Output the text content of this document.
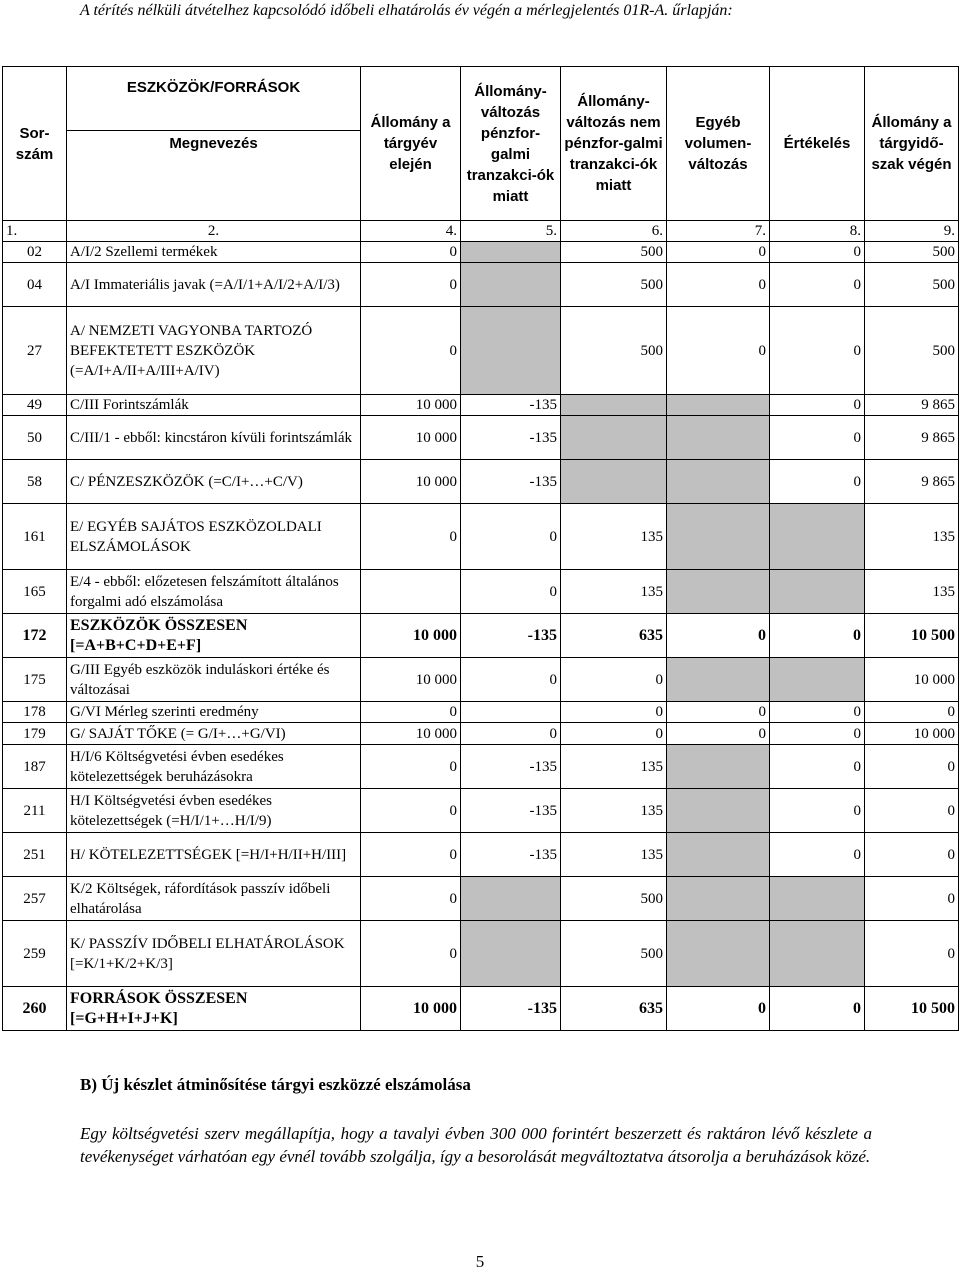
A térítés nélküli átvételhez kapcsolódó időbeli elhatárolás év végén a mérlegjelentés 01R-A. űrlapján:
Sor-szám	ESZKÖZÖK/FORRÁSOK	Állomány a tárgyév elején	Állomány-változás pénzfor-galmi tranzakci-ók miatt	Állomány-változás nem pénzfor-galmi tranzakci-ók miatt	Egyéb volumen-változás	Értékelés	Állomány a tárgyidő-szak végén
	Megnevezés						
1.	2.	4.	5.	6.	7.	8.	9.
02	A/I/2 Szellemi termékek	0		500	0	0	500
04	A/I Immateriális javak (=A/I/1+A/I/2+A/I/3)	0		500	0	0	500
27	A/ NEMZETI VAGYONBA TARTOZÓ BEFEKTETETT ESZKÖZÖK (=A/I+A/II+A/III+A/IV)	0		500	0	0	500
49	C/III Forintszámlák	10 000	-135			0	9 865
50	C/III/1 - ebből: kincstáron kívüli forintszámlák	10 000	-135			0	9 865
58	C/ PÉNZESZKÖZÖK (=C/I+…+C/V)	10 000	-135			0	9 865
161	E/ EGYÉB SAJÁTOS ESZKÖZOLDALI ELSZÁMOLÁSOK	0	0	135			135
165	E/4 - ebből: előzetesen felszámított általános forgalmi adó elszámolása		0	135			135
172	ESZKÖZÖK ÖSSZESEN [=A+B+C+D+E+F]	10 000	-135	635	0	0	10 500
175	G/III Egyéb eszközök induláskori értéke és változásai	10 000	0	0			10 000
178	G/VI Mérleg szerinti eredmény	0		0	0	0	0
179	G/ SAJÁT TŐKE (= G/I+…+G/VI)	10 000	0	0	0	0	10 000
187	H/I/6 Költségvetési évben esedékes kötelezettségek beruházásokra	0	-135	135		0	0
211	H/I Költségvetési évben esedékes kötelezettségek (=H/I/1+…H/I/9)	0	-135	135		0	0
251	H/ KÖTELEZETTSÉGEK [=H/I+H/II+H/III]	0	-135	135		0	0
257	K/2 Költségek, ráfordítások passzív időbeli elhatárolása	0		500			0
259	K/ PASSZÍV IDŐBELI ELHATÁROLÁSOK [=K/1+K/2+K/3]	0		500			0
260	FORRÁSOK ÖSSZESEN [=G+H+I+J+K]	10 000	-135	635	0	0	10 500
B) Új készlet átminősítése tárgyi eszközzé elszámolása
Egy költségvetési szerv megállapítja, hogy a tavalyi évben 300 000 forintért beszerzett és raktáron lévő készlete a tevékenységet várhatóan egy évnél tovább szolgálja, így a besorolását megváltoztatva átsorolja a beruházások közé.
5
